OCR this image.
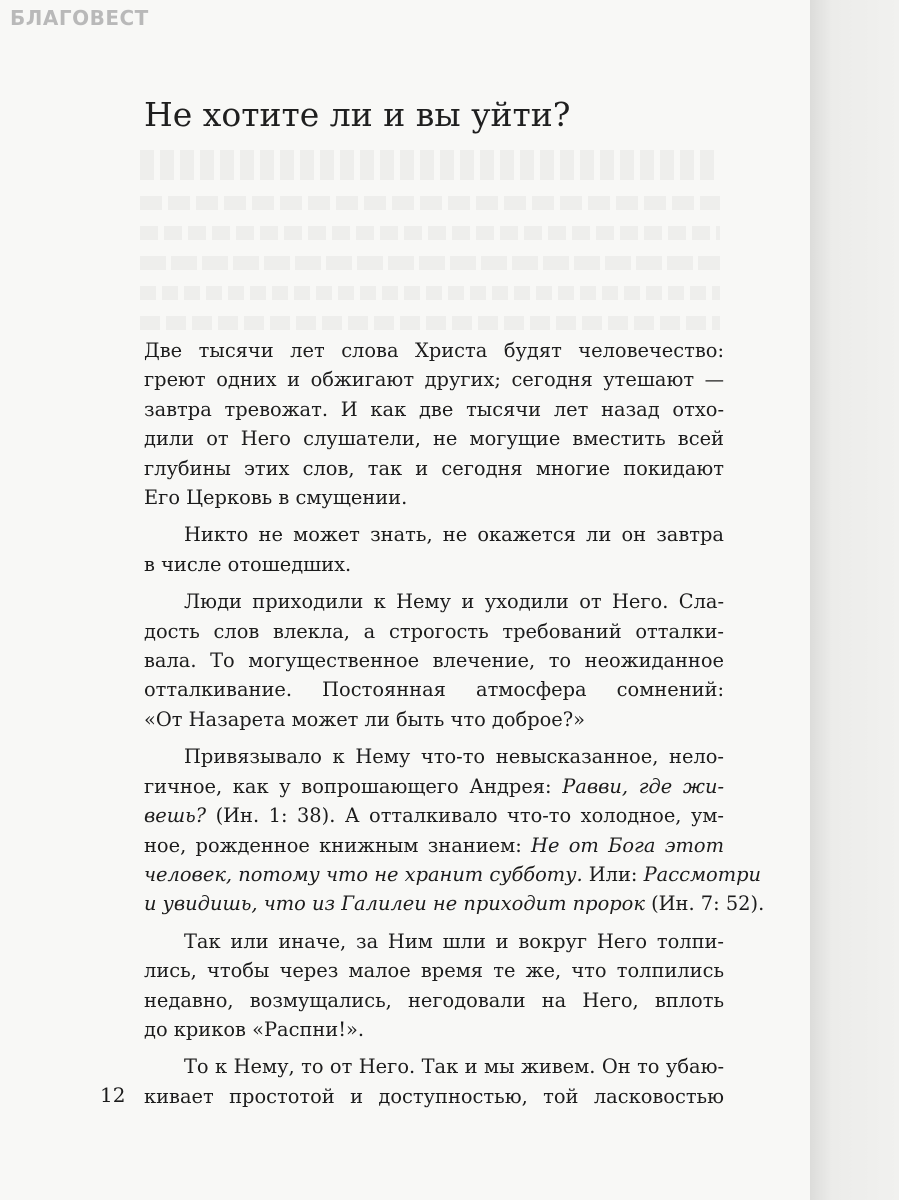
БЛАГОВЕСТ
Не хотите ли и вы уйти?

Две тысячи лет слова Христа будят человечество:
греют одних и обжигают других; сегодня утешают —
завтра тревожат. И как две тысячи лет назад отхо-
дили от Него слушатели, не могущие вместить всей
глубины этих слов, так и сегодня многие покидают
Его Церковь в смущении.

Никто не может знать, не окажется ли он завтра
в числе отошедших.

Люди приходили к Нему и уходили от Него. Сла-
дость слов влекла, а строгость требований отталки-
вала. То могущественное влечение, то неожиданное
отталкивание. Постоянная атмосфера сомнений:
«От Назарета может ли быть что доброе?»

Привязывало к Нему что-то невысказанное, нело-
гичное, как у вопрошающего Андрея: Равви, где жи-
вешь? (Ин. 1: 38). А отталкивало что-то холодное, ум-
ное, рожденное книжным знанием: Не от Бога этот
человек, потому что не хранит субботу. Или: Рассмотри
и увидишь, что из Галилеи не приходит пророк (Ин. 7: 52).

Так или иначе, за Ним шли и вокруг Него толпи-
лись, чтобы через малое время те же, что толпились
недавно, возмущались, негодовали на Него, вплоть
до криков «Распни!».

То к Нему, то от Него. Так и мы живем. Он то убаю-
кивает простотой и доступностью, той ласковостью

12
